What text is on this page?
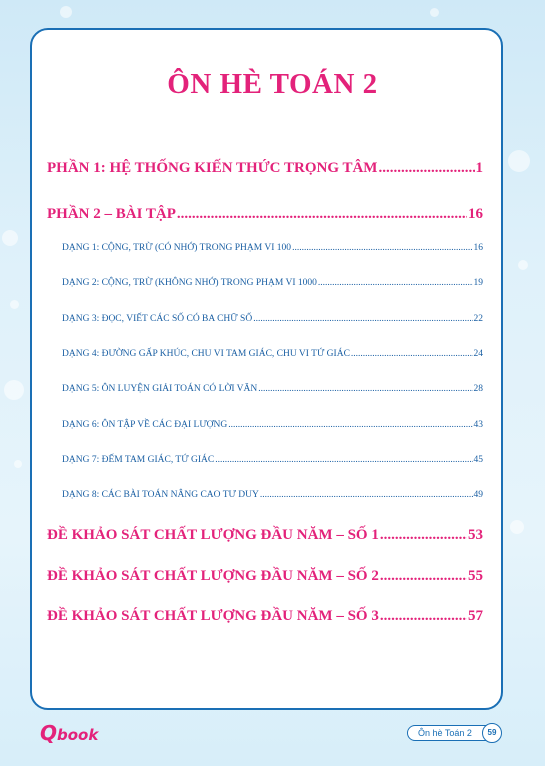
ÔN HÈ TOÁN 2
PHẦN 1: HỆ THỐNG KIẾN THỨC TRỌNG TÂM .....	1
PHẦN 2 – BÀI TẬP .....	16
DẠNG 1: CỘNG, TRỪ (CÓ NHỚ) TRONG PHẠM VI 100 .....	16
DẠNG 2: CỘNG, TRỪ (KHÔNG NHỚ) TRONG PHẠM VI 1000 .....	19
DẠNG 3: ĐỌC, VIẾT CÁC SỐ CÓ BA CHỮ SỐ .....	22
DẠNG 4: ĐƯỜNG GẤP KHÚC, CHU VI TAM GIÁC, CHU VI TỨ GIÁC .....	24
DẠNG 5: ÔN LUYỆN GIẢI TOÁN CÓ LỜI VĂN .....	28
DẠNG 6: ÔN TẬP VỀ CÁC ĐẠI LƯỢNG .....	43
DẠNG 7: ĐẾM TAM GIÁC, TỨ GIÁC .....	45
DẠNG 8: CÁC BÀI TOÁN NÂNG CAO TƯ DUY .....	49
ĐỀ KHẢO SÁT CHẤT LƯỢNG ĐẦU NĂM – SỐ 1 .....	53
ĐỀ KHẢO SÁT CHẤT LƯỢNG ĐẦU NĂM – SỐ 2 .....	55
ĐỀ KHẢO SÁT CHẤT LƯỢNG ĐẦU NĂM – SỐ 3 .....	57
Qbook	Ôn hè Toán 2	59
